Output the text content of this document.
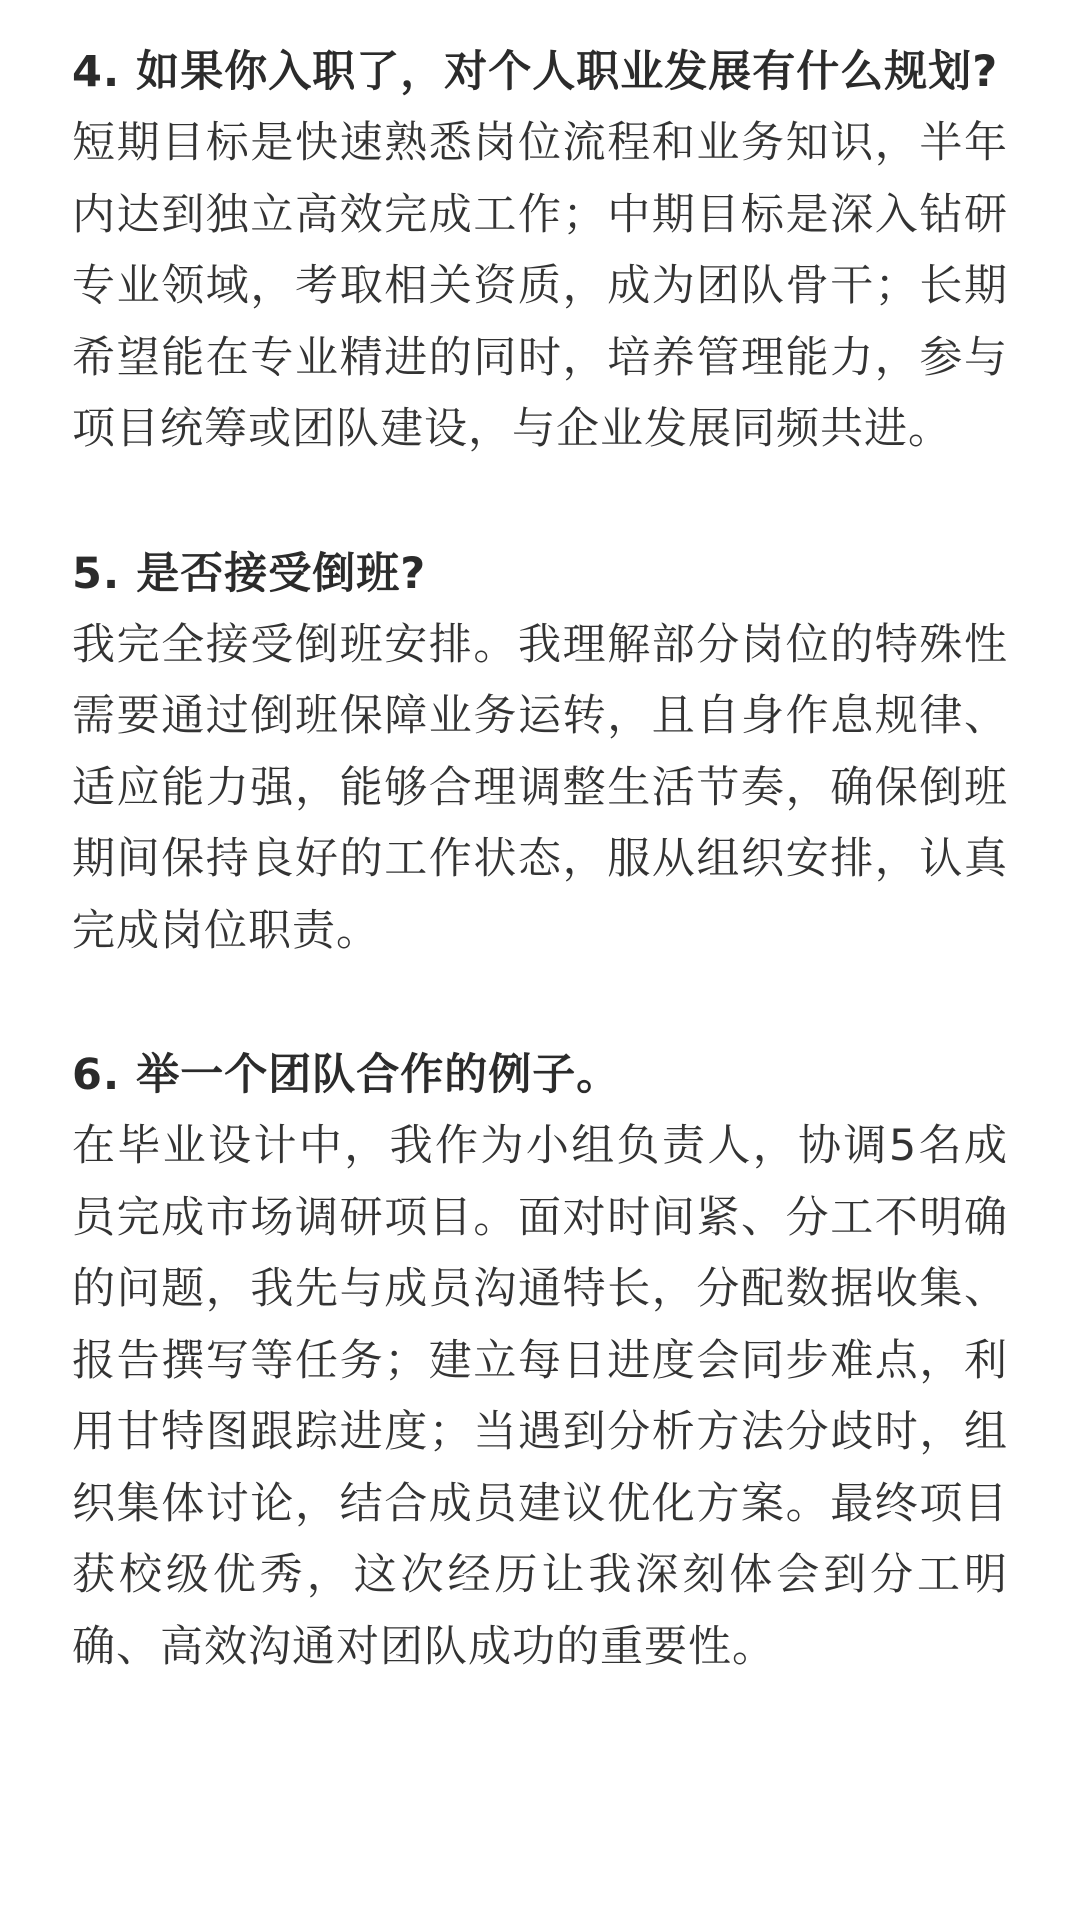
4. 如果你入职了，对个人职业发展有什么规划?

短期目标是快速熟悉岗位流程和业务知识，半年内达到独立高效完成工作；中期目标是深入钻研专业领域，考取相关资质，成为团队骨干；长期希望能在专业精进的同时，培养管理能力，参与项目统筹或团队建设，与企业发展同频共进。

5. 是否接受倒班?

我完全接受倒班安排。我理解部分岗位的特殊性需要通过倒班保障业务运转，且自身作息规律、适应能力强，能够合理调整生活节奏，确保倒班期间保持良好的工作状态，服从组织安排，认真完成岗位职责。

6. 举一个团队合作的例子。

在毕业设计中，我作为小组负责人，协调5名成员完成市场调研项目。面对时间紧、分工不明确的问题，我先与成员沟通特长，分配数据收集、报告撰写等任务；建立每日进度会同步难点，利用甘特图跟踪进度；当遇到分析方法分歧时，组织集体讨论，结合成员建议优化方案。最终项目获校级优秀，这次经历让我深刻体会到分工明确、高效沟通对团队成功的重要性。
